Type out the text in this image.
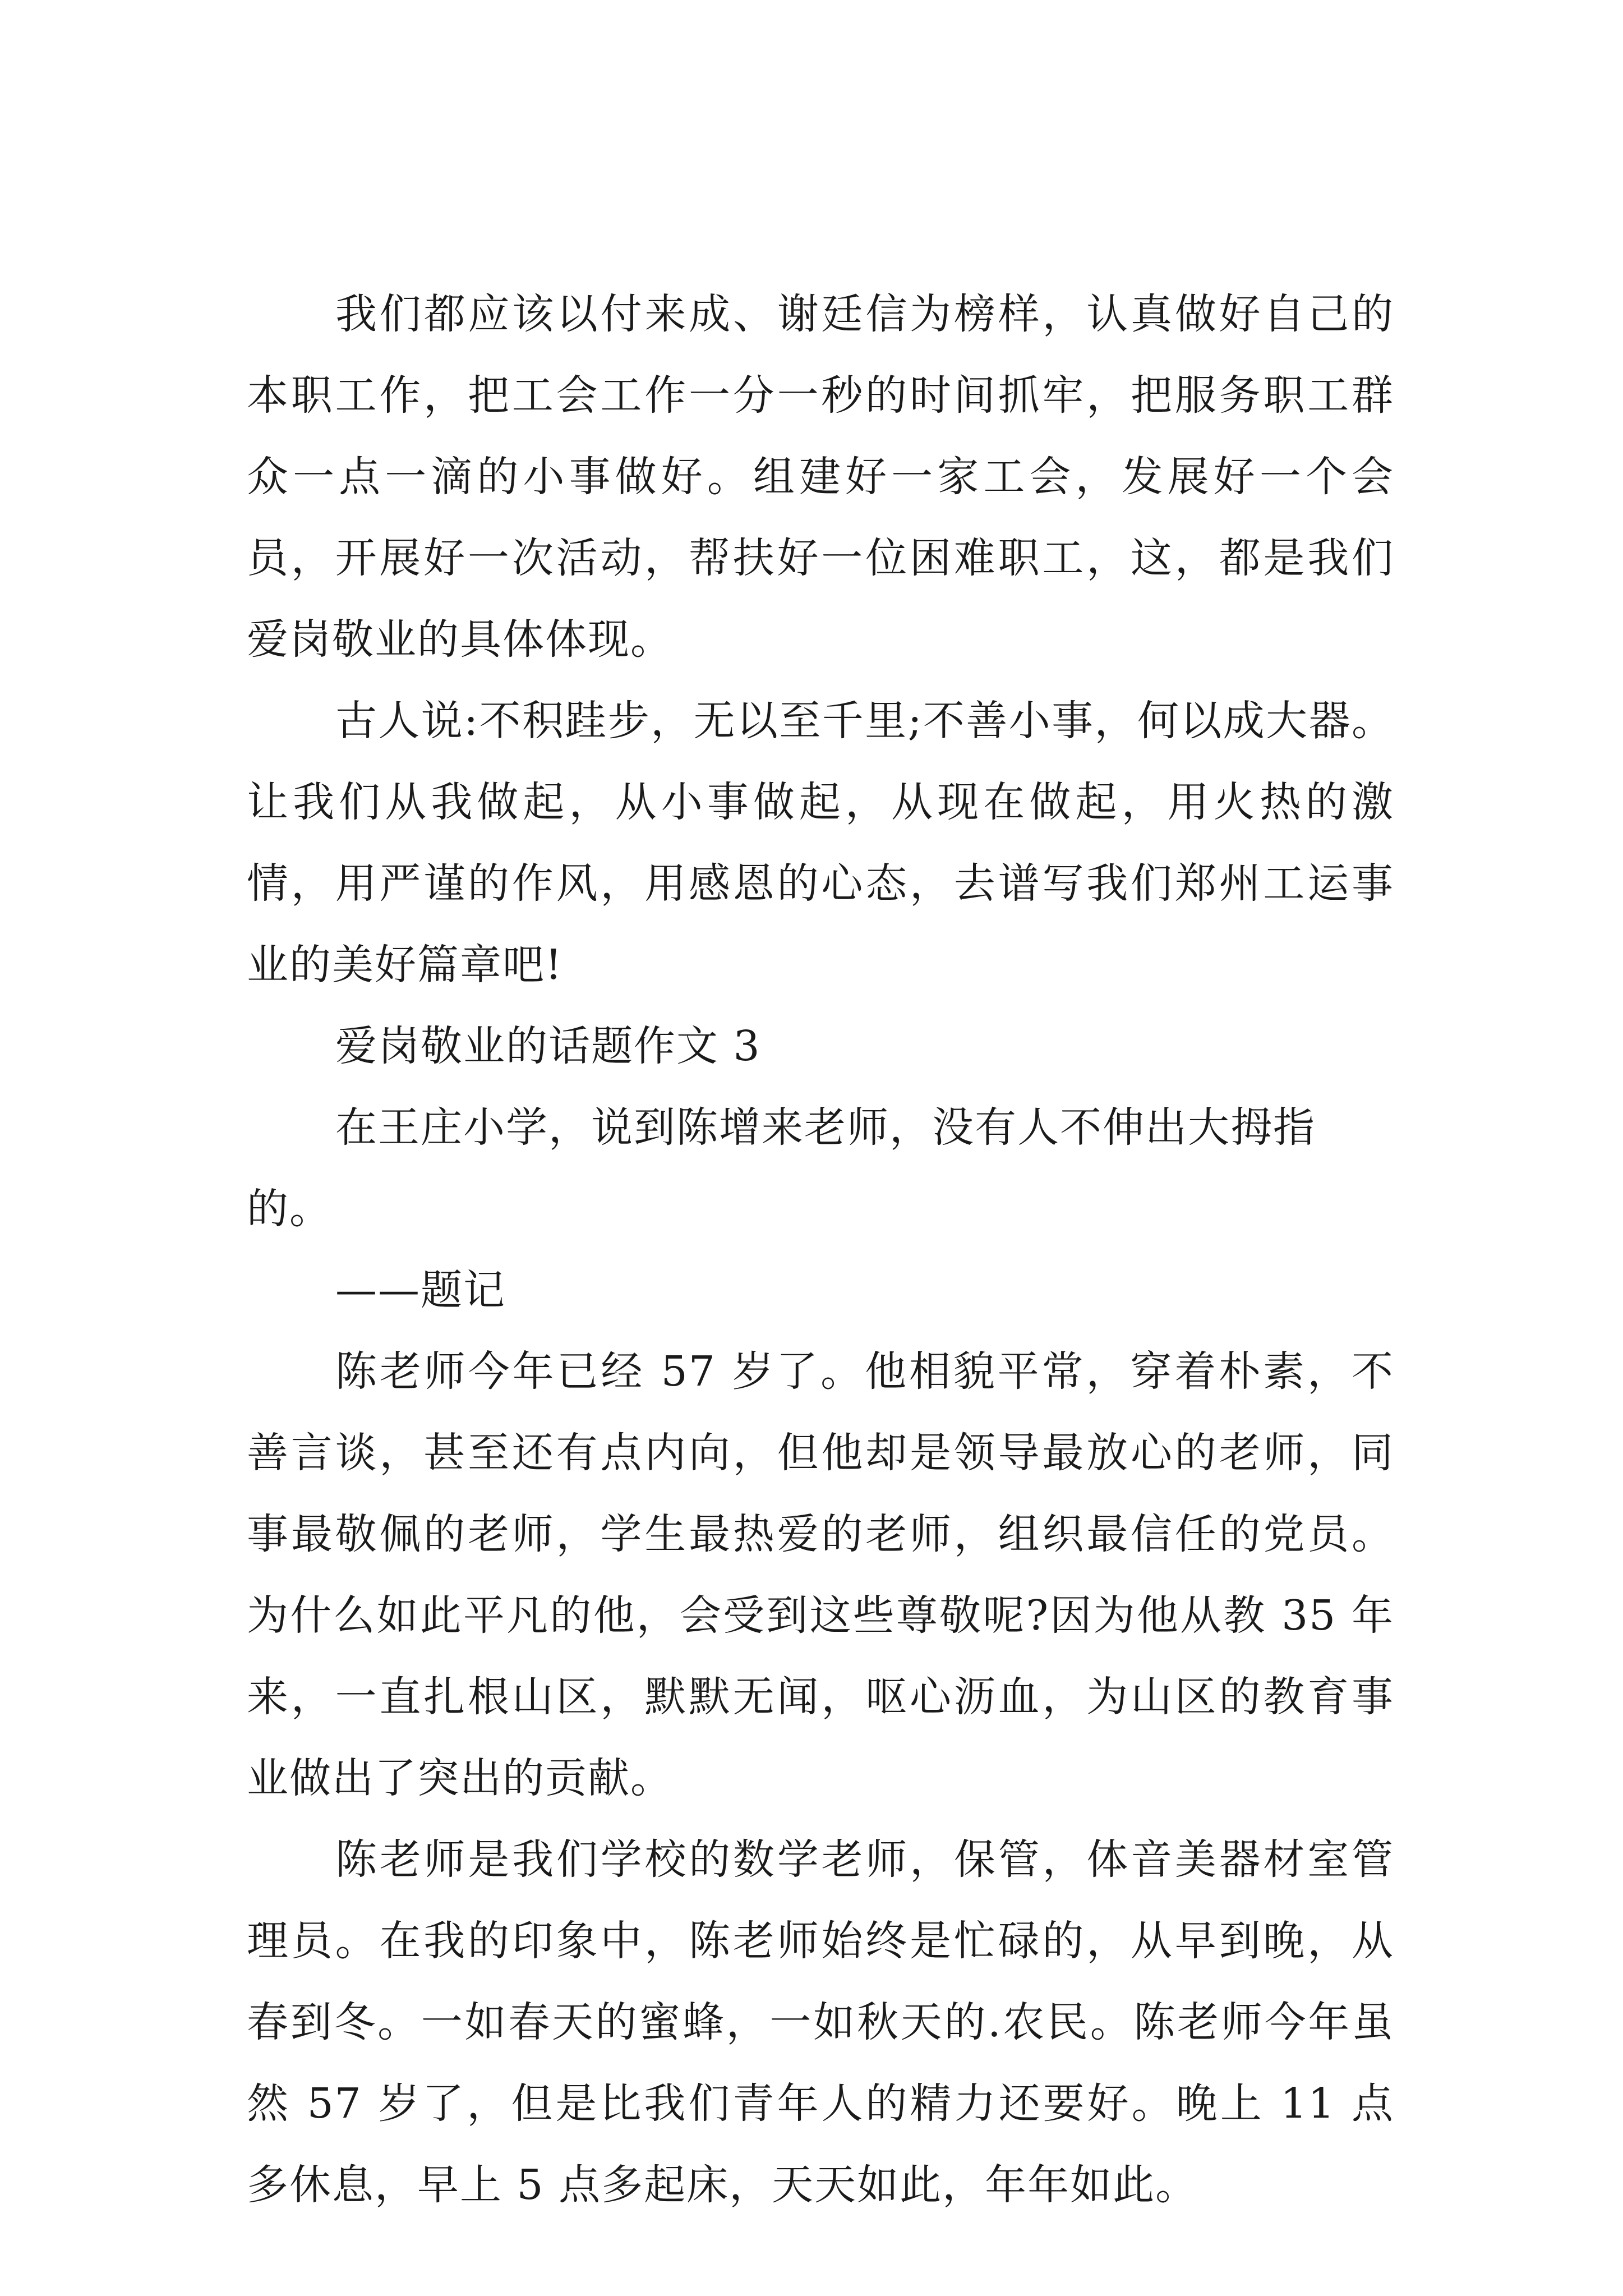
我们都应该以付来成、谢廷信为榜样，认真做好自己的本职工作，把工会工作一分一秒的时间抓牢，把服务职工群众一点一滴的小事做好。组建好一家工会，发展好一个会员，开展好一次活动，帮扶好一位困难职工，这，都是我们爱岗敬业的具体体现。

古人说:不积跬步，无以至千里;不善小事，何以成大器。让我们从我做起，从小事做起，从现在做起，用火热的激情，用严谨的作风，用感恩的心态，去谱写我们郑州工运事业的美好篇章吧!

爱岗敬业的话题作文 3

在王庄小学，说到陈增来老师，没有人不伸出大拇指的。

——题记

陈老师今年已经 57 岁了。他相貌平常，穿着朴素，不善言谈，甚至还有点内向，但他却是领导最放心的老师，同事最敬佩的老师，学生最热爱的老师，组织最信任的党员。为什么如此平凡的他，会受到这些尊敬呢?因为他从教 35 年来，一直扎根山区，默默无闻，呕心沥血，为山区的教育事业做出了突出的贡献。

陈老师是我们学校的数学老师，保管，体音美器材室管理员。在我的印象中，陈老师始终是忙碌的，从早到晚，从春到冬。一如春天的蜜蜂，一如秋天的.农民。陈老师今年虽然 57 岁了，但是比我们青年人的精力还要好。晚上 11 点多休息，早上 5 点多起床，天天如此，年年如此。
